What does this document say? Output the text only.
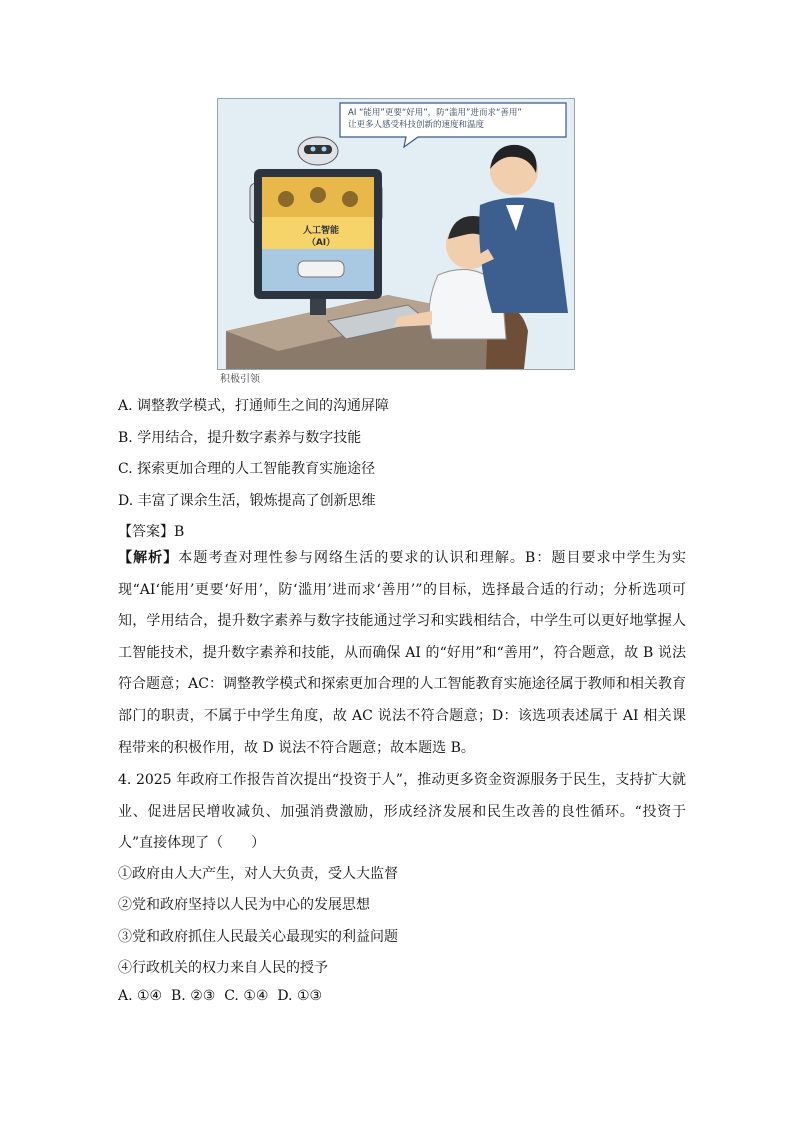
AI “能用”更要“好用”，防“滥用”进而求“善用”
让更多人感受科技创新的速度和温度
人工智能
（AI）
积极引领
A. 调整教学模式，打通师生之间的沟通屏障
B. 学用结合，提升数字素养与数字技能
C. 探索更加合理的人工智能教育实施途径
D. 丰富了课余生活，锻炼提高了创新思维
【答案】B
【解析】本题考查对理性参与网络生活的要求的认识和理解。B：题目要求中学生为实现“AI‘能用’更要‘好用’，防‘滥用’进而求‘善用’”的目标，选择最合适的行动；分析选项可知，学用结合，提升数字素养与数字技能通过学习和实践相结合，中学生可以更好地掌握人工智能技术，提升数字素养和技能，从而确保 AI 的“好用”和“善用”，符合题意，故 B 说法符合题意；AC：调整教学模式和探索更加合理的人工智能教育实施途径属于教师和相关教育部门的职责，不属于中学生角度，故 AC 说法不符合题意；D：该选项表述属于 AI 相关课程带来的积极作用，故 D 说法不符合题意；故本题选 B。
4. 2025 年政府工作报告首次提出“投资于人”，推动更多资金资源服务于民生，支持扩大就业、促进居民增收减负、加强消费激励，形成经济发展和民生改善的良性循环。“投资于人”直接体现了（　　）
①政府由人大产生，对人大负责，受人大监督
②党和政府坚持以人民为中心的发展思想
③党和政府抓住人民最关心最现实的利益问题
④行政机关的权力来自人民的授予
A. ①④  B. ②③  C. ①④  D. ①③
